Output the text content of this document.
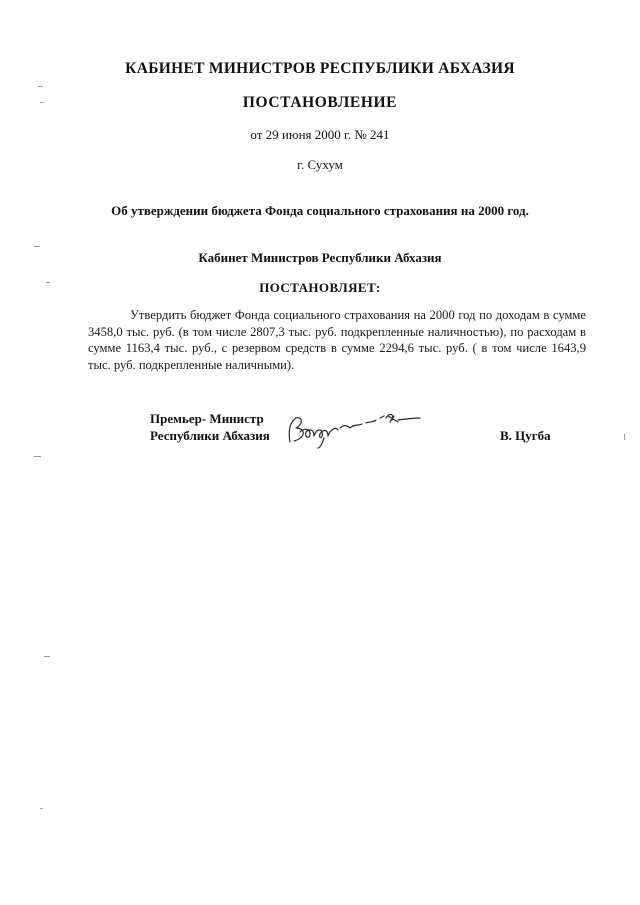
КАБИНЕТ МИНИСТРОВ РЕСПУБЛИКИ АБХАЗИЯ
ПОСТАНОВЛЕНИЕ
от 29 июня 2000 г. № 241
г. Сухум
Об утверждении бюджета Фонда социального страхования на 2000 год.
Кабинет Министров Республики Абхазия
ПОСТАНОВЛЯЕТ:
Утвердить бюджет Фонда социального страхования на 2000 год по доходам в сумме 3458,0 тыс. руб. (в том числе 2807,3 тыс. руб. подкрепленные наличностью), по расходам в сумме 1163,4 тыс. руб., с резервом средств в сумме 2294,6 тыс. руб. ( в том числе 1643,9 тыс. руб. подкрепленные наличными).
Премьер- Министр
Республики Абхазия	В. Цугба
